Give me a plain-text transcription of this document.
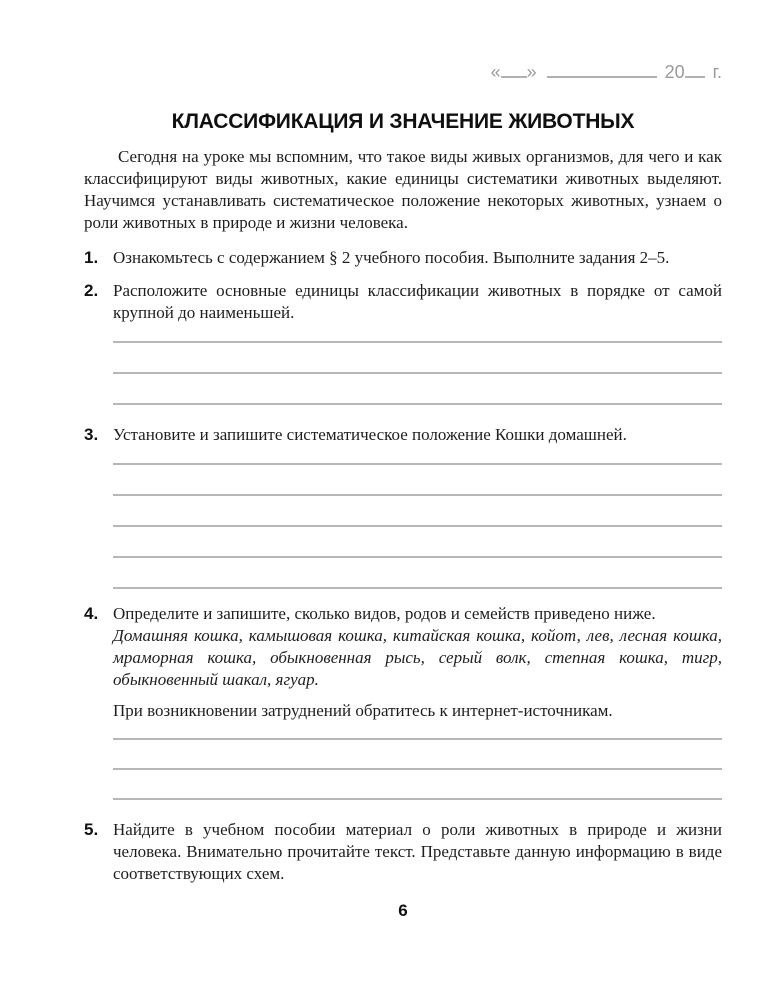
« »	20 г.
КЛАССИФИКАЦИЯ И ЗНАЧЕНИЕ ЖИВОТНЫХ

Сегодня на уроке мы вспомним, что такое виды живых организмов, для чего и как классифицируют виды животных, какие единицы систематики животных выделяют. Научимся устанавливать систематическое положение некоторых животных, узнаем о роли животных в природе и жизни человека.

1. Ознакомьтесь с содержанием § 2 учебного пособия. Выполните задания 2–5.
2. Расположите основные единицы классификации животных в порядке от самой крупной до наименьшей.
3. Установите и запишите систематическое положение Кошки домашней.
4. Определите и запишите, сколько видов, родов и семейств приведено ниже.
Домашняя кошка, камышовая кошка, китайская кошка, койот, лев, лесная кошка, мраморная кошка, обыкновенная рысь, серый волк, степная кошка, тигр, обыкновенный шакал, ягуар.
При возникновении затруднений обратитесь к интернет-источникам.
5. Найдите в учебном пособии материал о роли животных в природе и жизни человека. Внимательно прочитайте текст. Представьте данную информацию в виде соответствующих схем.
6
